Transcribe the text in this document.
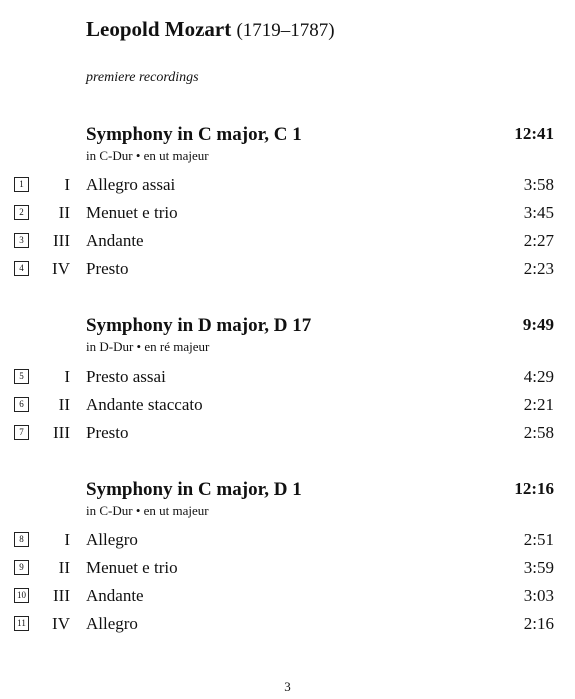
Leopold Mozart (1719–1787)
premiere recordings
Symphony in C major, C 1	12:41
in C-Dur • en ut majeur
1	I Allegro assai	3:58
2	II Menuet e trio	3:45
3	III Andante	2:27
4	IV Presto	2:23
Symphony in D major, D 17	9:49
in D-Dur • en ré majeur
5	I Presto assai	4:29
6	II Andante staccato	2:21
7	III Presto	2:58
Symphony in C major, D 1	12:16
in C-Dur • en ut majeur
8	I Allegro	2:51
9	II Menuet e trio	3:59
10	III Andante	3:03
11	IV Allegro	2:16
3
